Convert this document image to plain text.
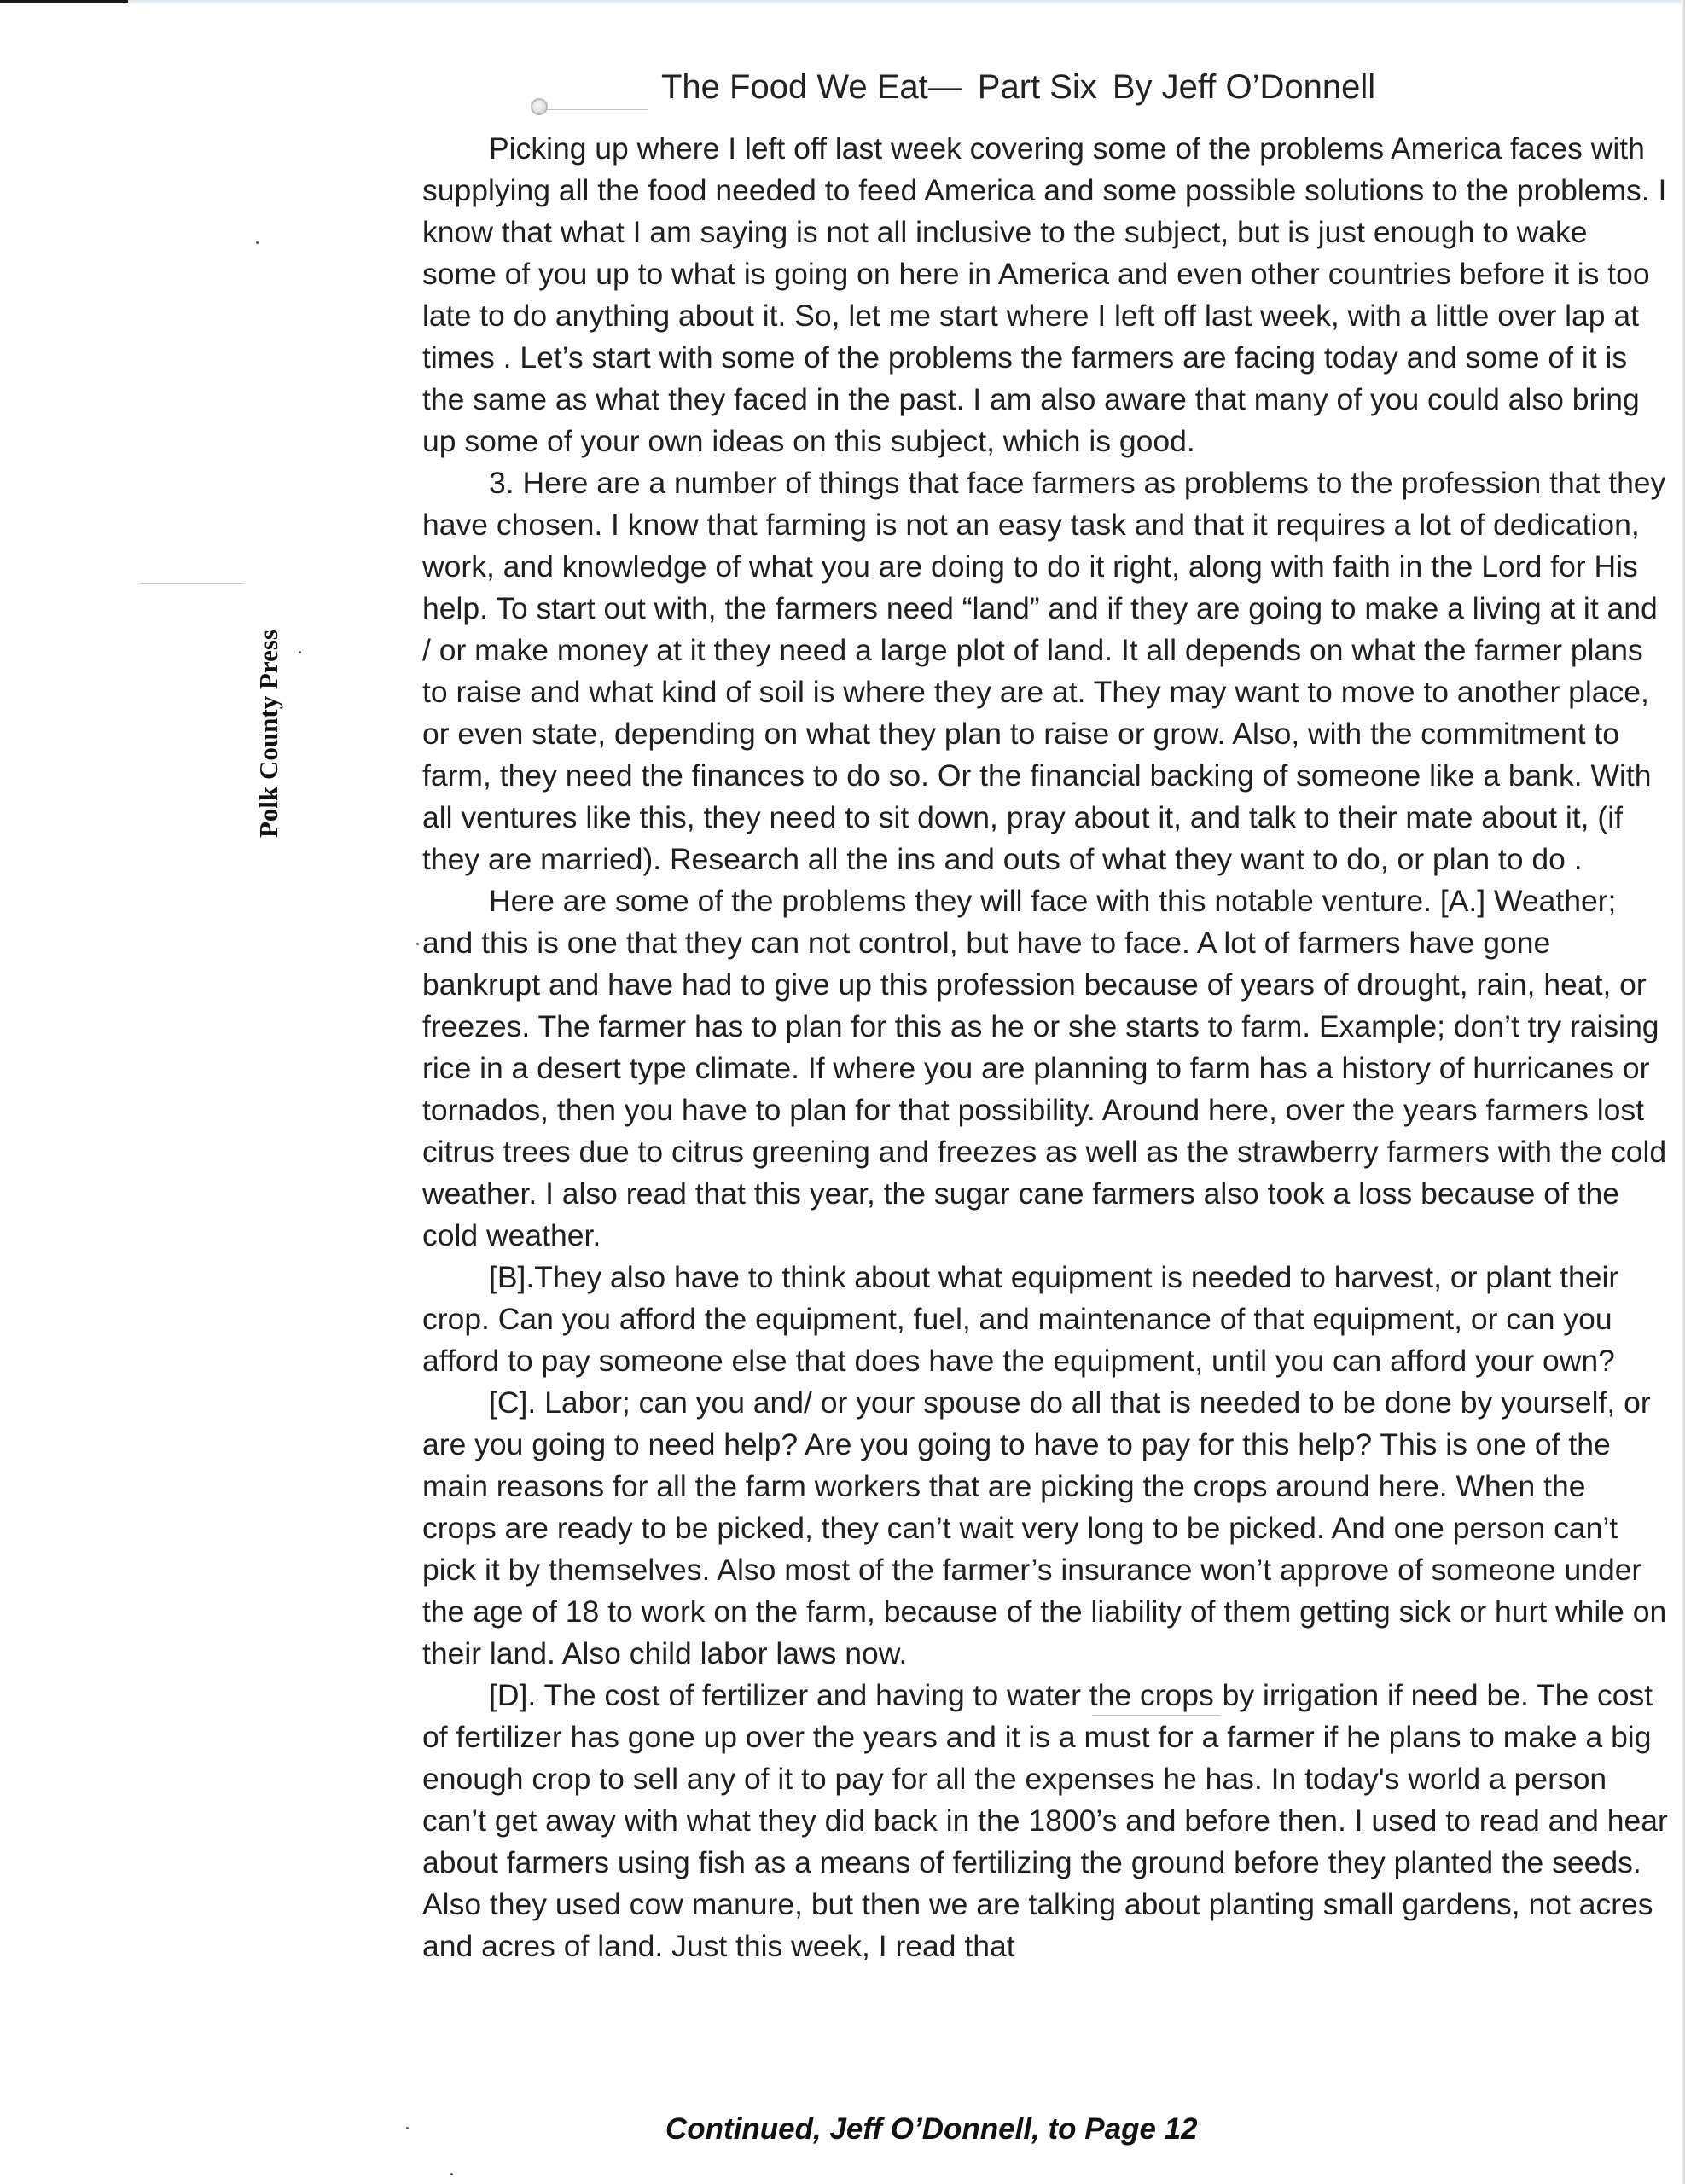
Polk County Press
The Food We Eat— Part Six By Jeff O’Donnell

Picking up where I left off last week covering some of the problems America faces with supplying all the food needed to feed America and some possible solutions to the problems. I know that what I am saying is not all inclusive to the subject, but is just enough to wake some of you up to what is going on here in America and even other countries before it is too late to do anything about it. So, let me start where I left off last week, with a little over lap at times . Let’s start with some of the problems the farmers are facing today and some of it is the same as what they faced in the past. I am also aware that many of you could also bring up some of your own ideas on this subject, which is good.

3. Here are a number of things that face farmers as problems to the profession that they have chosen. I know that farming is not an easy task and that it requires a lot of dedication, work, and knowledge of what you are doing to do it right, along with faith in the Lord for His help. To start out with, the farmers need “land” and if they are going to make a living at it and / or make money at it they need a large plot of land. It all depends on what the farmer plans to raise and what kind of soil is where they are at. They may want to move to another place, or even state, depending on what they plan to raise or grow. Also, with the commitment to farm, they need the finances to do so. Or the financial backing of someone like a bank. With all ventures like this, they need to sit down, pray about it, and talk to their mate about it, (if they are married). Research all the ins and outs of what they want to do, or plan to do .

Here are some of the problems they will face with this notable venture. [A.] Weather; and this is one that they can not control, but have to face. A lot of farmers have gone bankrupt and have had to give up this profession because of years of drought, rain, heat, or freezes. The farmer has to plan for this as he or she starts to farm. Example; don’t try raising rice in a desert type climate. If where you are planning to farm has a history of hurricanes or tornados, then you have to plan for that possibility. Around here, over the years farmers lost citrus trees due to citrus greening and freezes as well as the strawberry farmers with the cold weather. I also read that this year, the sugar cane farmers also took a loss because of the cold weather.

[B].They also have to think about what equipment is needed to harvest, or plant their crop. Can you afford the equipment, fuel, and maintenance of that equipment, or can you afford to pay someone else that does have the equipment, until you can afford your own?

[C]. Labor; can you and/ or your spouse do all that is needed to be done by yourself, or are you going to need help? Are you going to have to pay for this help? This is one of the main reasons for all the farm workers that are picking the crops around here. When the crops are ready to be picked, they can’t wait very long to be picked. And one person can’t pick it by themselves. Also most of the farmer’s insurance won’t approve of someone under the age of 18 to work on the farm, because of the liability of them getting sick or hurt while on their land. Also child labor laws now.

[D]. The cost of fertilizer and having to water the crops by irrigation if need be. The cost of fertilizer has gone up over the years and it is a must for a farmer if he plans to make a big enough crop to sell any of it to pay for all the expenses he has. In today's world a person can’t get away with what they did back in the 1800’s and before then. I used to read and hear about farmers using fish as a means of fertilizing the ground before they planted the seeds. Also they used cow manure, but then we are talking about planting small gardens, not acres and acres of land. Just this week, I read that

Continued, Jeff O’Donnell, to Page 12
